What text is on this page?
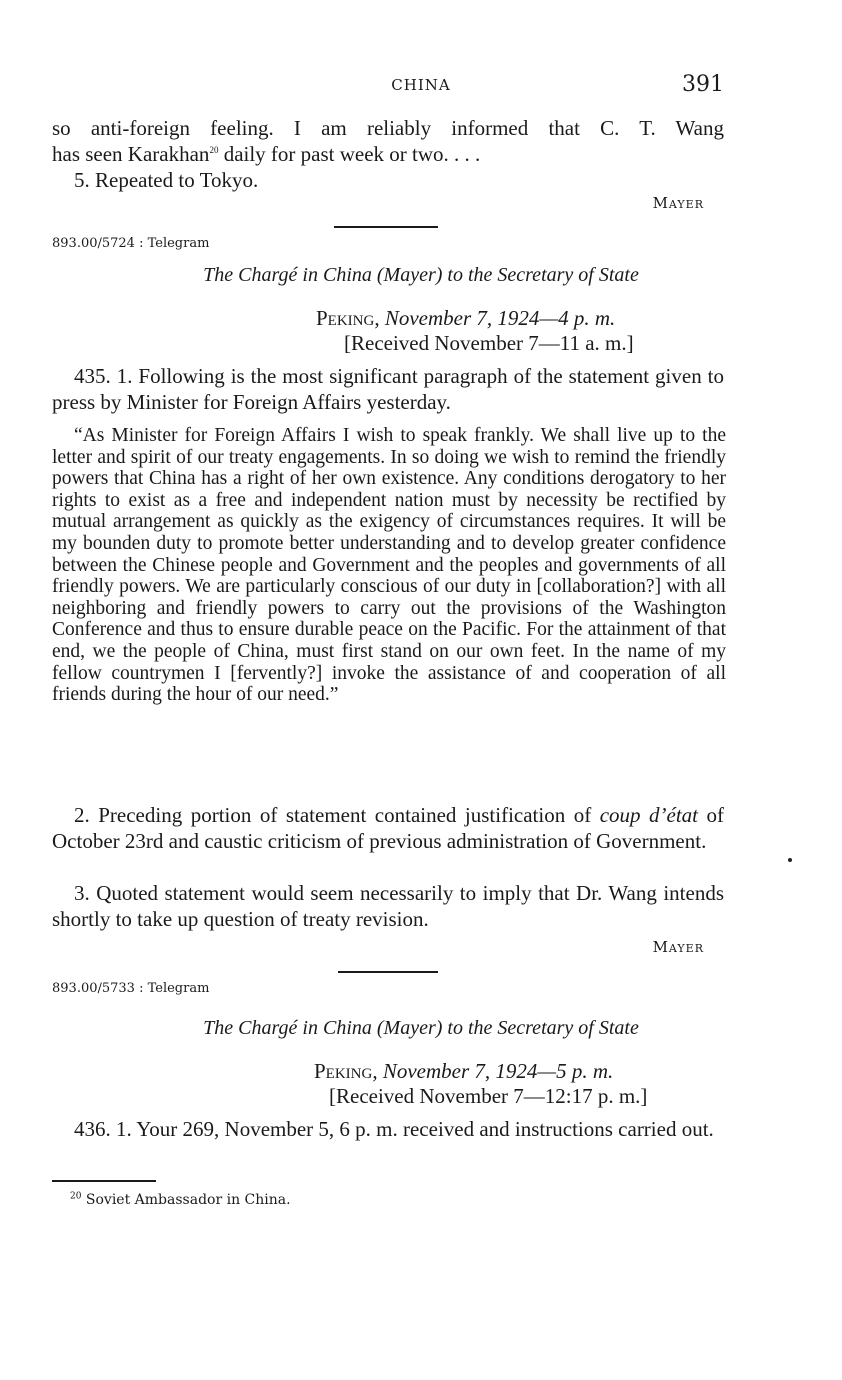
CHINA	391
so anti-foreign feeling. I am reliably informed that C. T. Wang
has seen Karakhan$^{20}$ daily for past week or two. . . .
5. Repeated to Tokyo.
Mayer
893.00/5724 : Telegram
The Chargé in China (Mayer) to the Secretary of State
Peking, November 7, 1924—4 p. m.
[Received November 7—11 a. m.]
435. 1. Following is the most significant paragraph of the statement given to press by Minister for Foreign Affairs yesterday.
“As Minister for Foreign Affairs I wish to speak frankly. We shall live up to the letter and spirit of our treaty engagements. In so doing we wish to remind the friendly powers that China has a right of her own existence. Any conditions derogatory to her rights to exist as a free and independent nation must by necessity be rectified by mutual arrangement as quickly as the exigency of circumstances requires. It will be my bounden duty to promote better understanding and to develop greater confidence between the Chinese people and Government and the peoples and governments of all friendly powers. We are particularly conscious of our duty in [collaboration?] with all neighboring and friendly powers to carry out the provisions of the Washington Conference and thus to ensure durable peace on the Pacific. For the attainment of that end, we the people of China, must first stand on our own feet. In the name of my fellow countrymen I [fervently?] invoke the assistance of and cooperation of all friends during the hour of our need.”
2. Preceding portion of statement contained justification of coup d’état of October 23rd and caustic criticism of previous administration of Government.
3. Quoted statement would seem necessarily to imply that Dr. Wang intends shortly to take up question of treaty revision.
Mayer
893.00/5733 : Telegram
The Chargé in China (Mayer) to the Secretary of State
Peking, November 7, 1924—5 p. m.
[Received November 7—12:17 p. m.]
436. 1. Your 269, November 5, 6 p. m. received and instructions carried out.
$^{20}$ Soviet Ambassador in China.
